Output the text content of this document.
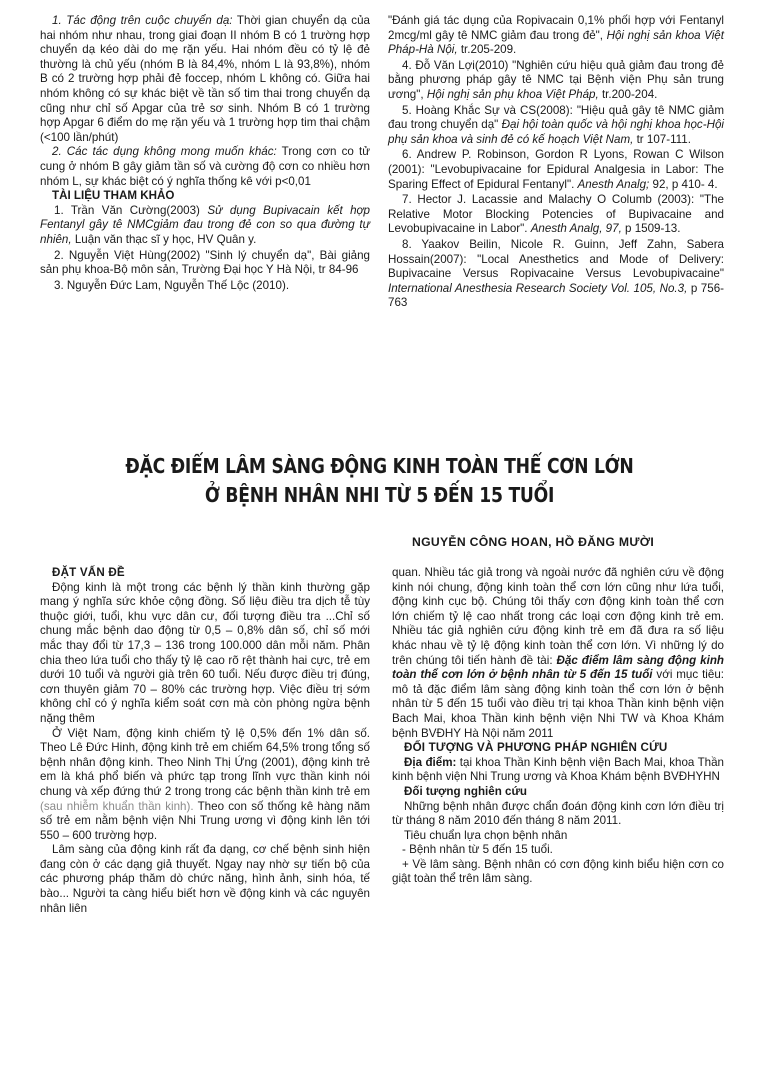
1. Tác động trên cuộc chuyển dạ: Thời gian chuyển dạ của hai nhóm như nhau, trong giai đoạn II nhóm B có 1 trường hợp chuyển dạ kéo dài do mẹ rặn yếu. Hai nhóm đều có tỷ lệ đẻ thường là chủ yếu (nhóm B là 84,4%, nhóm L là 93,8%), nhóm B có 2 trường hợp phải đẻ foccep, nhóm L không có. Giữa hai nhóm không có sự khác biệt về tần số tim thai trong chuyển dạ cũng như chỉ số Apgar của trẻ sơ sinh. Nhóm B có 1 trường hợp Apgar 6 điểm do mẹ rặn yếu và 1 trường hợp tim thai chậm (<100 lần/phút)

2. Các tác dụng không mong muốn khác: Trong cơn co tử cung ở nhóm B gây giảm tần số và cường độ cơn co nhiều hơn nhóm L, sự khác biệt có ý nghĩa thống kê với p<0,01

TÀI LIỆU THAM KHẢO

1. Trần Văn Cường(2003) Sử dụng Bupivacain kết hợp Fentanyl gây tê NMCgiảm đau trong đẻ con so qua đường tự nhiên, Luận văn thạc sĩ y học, HV Quân y.

2. Nguyễn Việt Hùng(2002) "Sinh lý chuyển dạ", Bài giảng sản phụ khoa-Bộ môn sản, Trường Đại học Y Hà Nội, tr 84-96

3. Nguyễn Đức Lam, Nguyễn Thế Lộc (2010).

"Đánh giá tác dụng của Ropivacain 0,1% phối hợp với Fentanyl 2mcg/ml gây tê NMC giảm đau trong đẻ", Hội nghị sản khoa Việt Pháp-Hà Nội, tr.205-209.

4. Đỗ Văn Lợi(2010) "Nghiên cứu hiệu quả giảm đau trong đẻ bằng phương pháp gây tê NMC tại Bệnh viện Phụ sản trung ương", Hội nghị sản phụ khoa Việt Pháp, tr.200-204.

5. Hoàng Khắc Sự và CS(2008): "Hiệu quả gây tê NMC giảm đau trong chuyển dạ" Đại hội toàn quốc và hội nghị khoa học-Hội phụ sản khoa và sinh đẻ có kế hoạch Việt Nam, tr 107-111.

6. Andrew P. Robinson, Gordon R Lyons, Rowan C Wilson (2001): "Levobupivacaine for Epidural Analgesia in Labor: The Sparing Effect of Epidural Fentanyl". Anesth Analg; 92, p 410- 4.

7. Hector J. Lacassie and Malachy O Columb (2003): "The Relative Motor Blocking Potencies of Bupivacaine and Levobupivacaine in Labor". Anesth Analg, 97, p 1509-13.

8. Yaakov Beilin, Nicole R. Guinn, Jeff Zahn, Sabera Hossain(2007): "Local Anesthetics and Mode of Delivery: Bupivacaine Versus Ropivacaine Versus Levobupivacaine" International Anesthesia Research Society Vol. 105, No.3, p 756-763

ĐẶC ĐIỂM LÂM SÀNG ĐỘNG KINH TOÀN THỂ CƠN LỚN
Ở BỆNH NHÂN NHI TỪ 5 ĐẾN 15 TUỔI
NGUYỄN CÔNG HOAN, HỒ ĐĂNG MƯỜI

ĐẶT VẤN ĐỀ

Động kinh là một trong các bệnh lý thần kinh thường gặp mang ý nghĩa sức khỏe cộng đồng. Số liệu điều tra dịch tễ tùy thuộc giới, tuổi, khu vực dân cư, đối tượng điều tra ...Chỉ số chung mắc bệnh dao động từ 0,5 – 0,8% dân số, chỉ số mới mắc thay đổi từ 17,3 – 136 trong 100.000 dân mỗi năm. Phân chia theo lứa tuổi cho thấy tỷ lệ cao rõ rệt thành hai cực, trẻ em dưới 10 tuổi và người già trên 60 tuổi. Nếu được điều trị đúng, cơn thuyên giảm 70 – 80% các trường hợp. Việc điều trị sớm không chỉ có ý nghĩa kiểm soát cơn mà còn phòng ngừa bệnh nặng thêm

Ở Việt Nam, động kinh chiếm tỷ lệ 0,5% đến 1% dân số. Theo Lê Đức Hinh, động kinh trẻ em chiếm 64,5% trong tổng số bệnh nhân động kinh. Theo Ninh Thị Ứng (2001), động kinh trẻ em là khá phổ biến và phức tạp trong lĩnh vực thần kinh nói chung và xếp đứng thứ 2 trong trong các bệnh thần kinh trẻ em (sau nhiễm khuẩn thần kinh). Theo con số thống kê hàng năm số trẻ em nằm bệnh viện Nhi Trung ương vì động kinh lên tới 550 – 600 trường hợp.

Lâm sàng của động kinh rất đa dạng, cơ chế bệnh sinh hiện đang còn ở các dạng giả thuyết. Ngay nay nhờ sự tiến bộ của các phương pháp thăm dò chức năng, hình ảnh, sinh hóa, tế bào... Người ta càng hiểu biết hơn về động kinh và các nguyên nhân liên

quan. Nhiều tác giả trong và ngoài nước đã nghiên cứu về động kinh nói chung, động kinh toàn thể cơn lớn cũng như lứa tuổi, động kinh cục bộ. Chúng tôi thấy cơn động kinh toàn thể cơn lớn chiếm tỷ lệ cao nhất trong các loại cơn động kinh trẻ em. Nhiều tác giả nghiên cứu động kinh trẻ em đã đưa ra số liệu khác nhau về tỷ lệ động kinh toàn thể cơn lớn. Vì những lý do trên chúng tôi tiến hành đề tài: Đặc điểm lâm sàng động kinh toàn thể cơn lớn ở bệnh nhân từ 5 đến 15 tuổi với mục tiêu: mô tả đặc điểm lâm sàng động kinh toàn thể cơn lớn ở bệnh nhân từ 5 đến 15 tuổi vào điều trị tại khoa Thần kinh bệnh viện Bach Mai, khoa Thần kinh bệnh viện Nhi TW và Khoa Khám bệnh BVĐHY Hà Nội năm 2011

ĐỐI TƯỢNG VÀ PHƯƠNG PHÁP NGHIÊN CỨU

Địa điểm: tại khoa Thần Kinh bệnh viện Bach Mai, khoa Thần kinh bệnh viện Nhi Trung ương và Khoa Khám bệnh BVĐHYHN

Đối tượng nghiên cứu

Những bệnh nhân được chẩn đoán động kinh cơn lớn điều trị từ tháng 8 năm 2010 đến tháng 8 năm 2011.

Tiêu chuẩn lựa chọn bệnh nhân

- Bệnh nhân từ 5 đến 15 tuổi.

+ Về lâm sàng. Bệnh nhân có cơn động kinh biểu hiện cơn co giật toàn thể trên lâm sàng.
